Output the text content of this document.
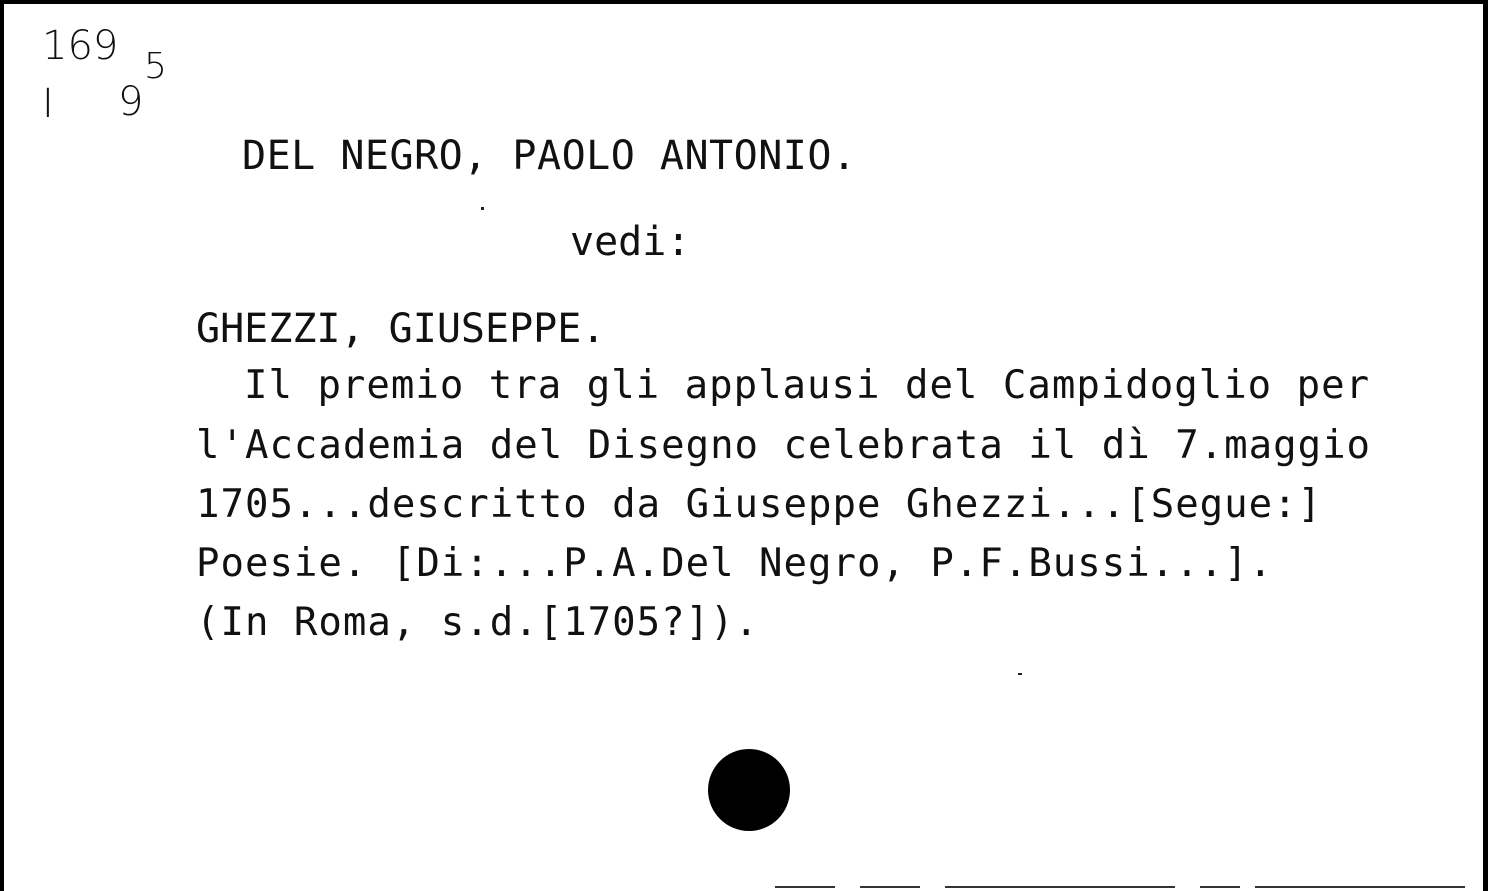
169
I 9
5
DEL NEGRO, PAOLO ANTONIO.
vedi:
GHEZZI, GIUSEPPE.
Il premio tra gli applausi del Campidoglio per
l'Accademia del Disegno celebrata il dì 7.maggio
1705...descritto da Giuseppe Ghezzi...[Segue:]
Poesie. [Di:...P.A.Del Negro, P.F.Bussi...].
(In Roma, s.d.[1705?]).
